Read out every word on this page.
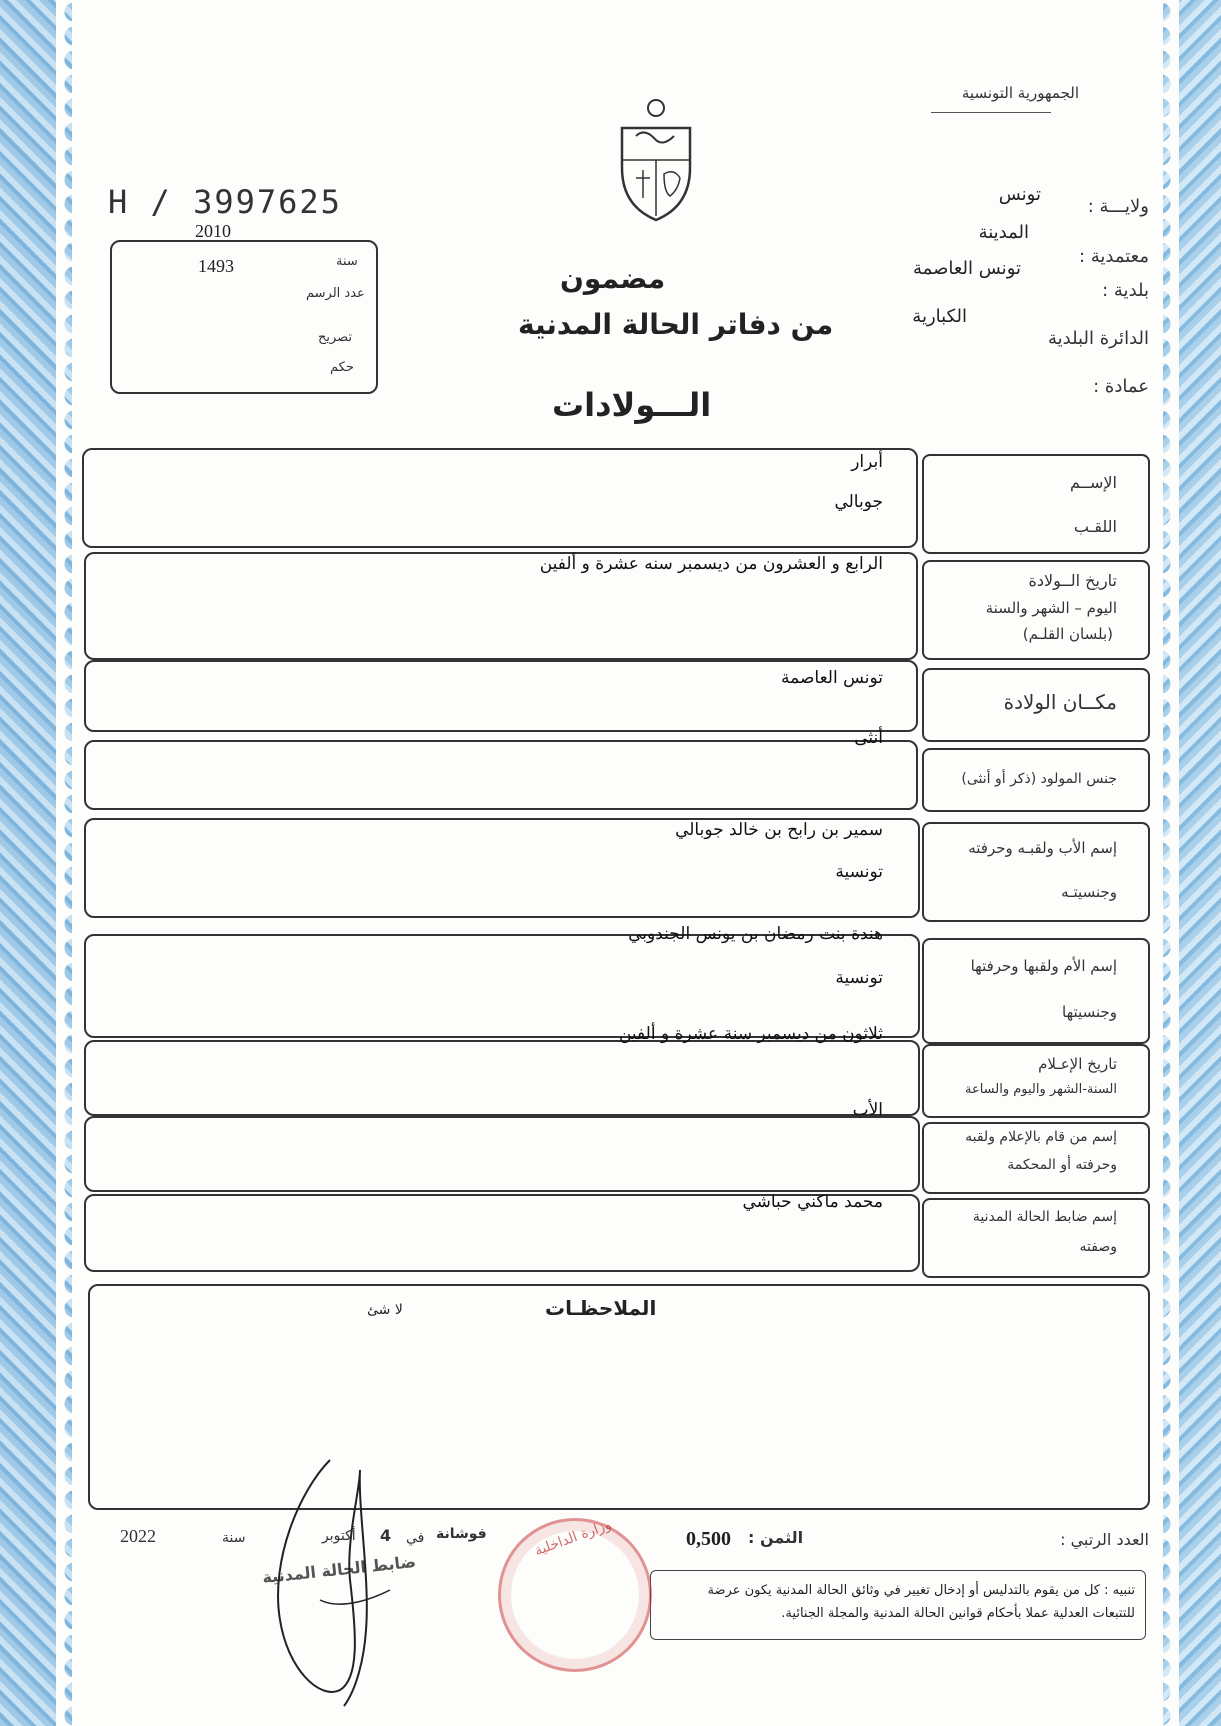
الجمهورية التونسية
H / 3997625
2010
سنة
1493
عدد الرسم
تصريح
حكم
مضمون
من دفاتر الحالة المدنية
الـــولادات
ولايـــة :
تونس
معتمدية :
المدينة
بلدية :
تونس العاصمة
الدائرة البلدية
الكبارية
عمادة :
الإســم
اللقـب
أبرار
جوبالي
تاريخ الــولادة
اليوم – الشهر والسنة
(بلسان القلـم)
الرابع و العشرون من ديسمبر سنه عشرة و ألفين
مكــان الولادة
تونس العاصمة
جنس المولود (ذكر أو أنثى)
أنثى
إسم الأب ولقبـه وحرفته
وجنسيتـه
سمير بن رابح بن خالد جوبالي
تونسية
إسم الأم ولقبها وحرفتها
وجنسيتها
هندة بنت رمضان بن يونس الجندوبي
تونسية
تاريخ الإعـلام
السنة-الشهر واليوم والساعة
ثلاثون من ديسمبر سنة عشرة و ألفين
إسم من قام بالإعلام ولقبه
وحرفته أو المحكمة
الأب
إسم ضابط الحالة المدنية
وصفته
محمد ماكني حباشي
الملاحظـات
لا شئ
العدد الرتبي :
الثمن :
0,500
فوشانة
في
4
أكتوبر
سنة
2022
تنبيه : كل من يقوم بالتدليس أو إدخال تغيير في وثائق الحالة المدنية يكون عرضة
للتتبعات العدلية عملا بأحكام قوانين الحالة المدنية والمجلة الجنائية.
وزارة الداخلية
ضابط الحالة المدنية
